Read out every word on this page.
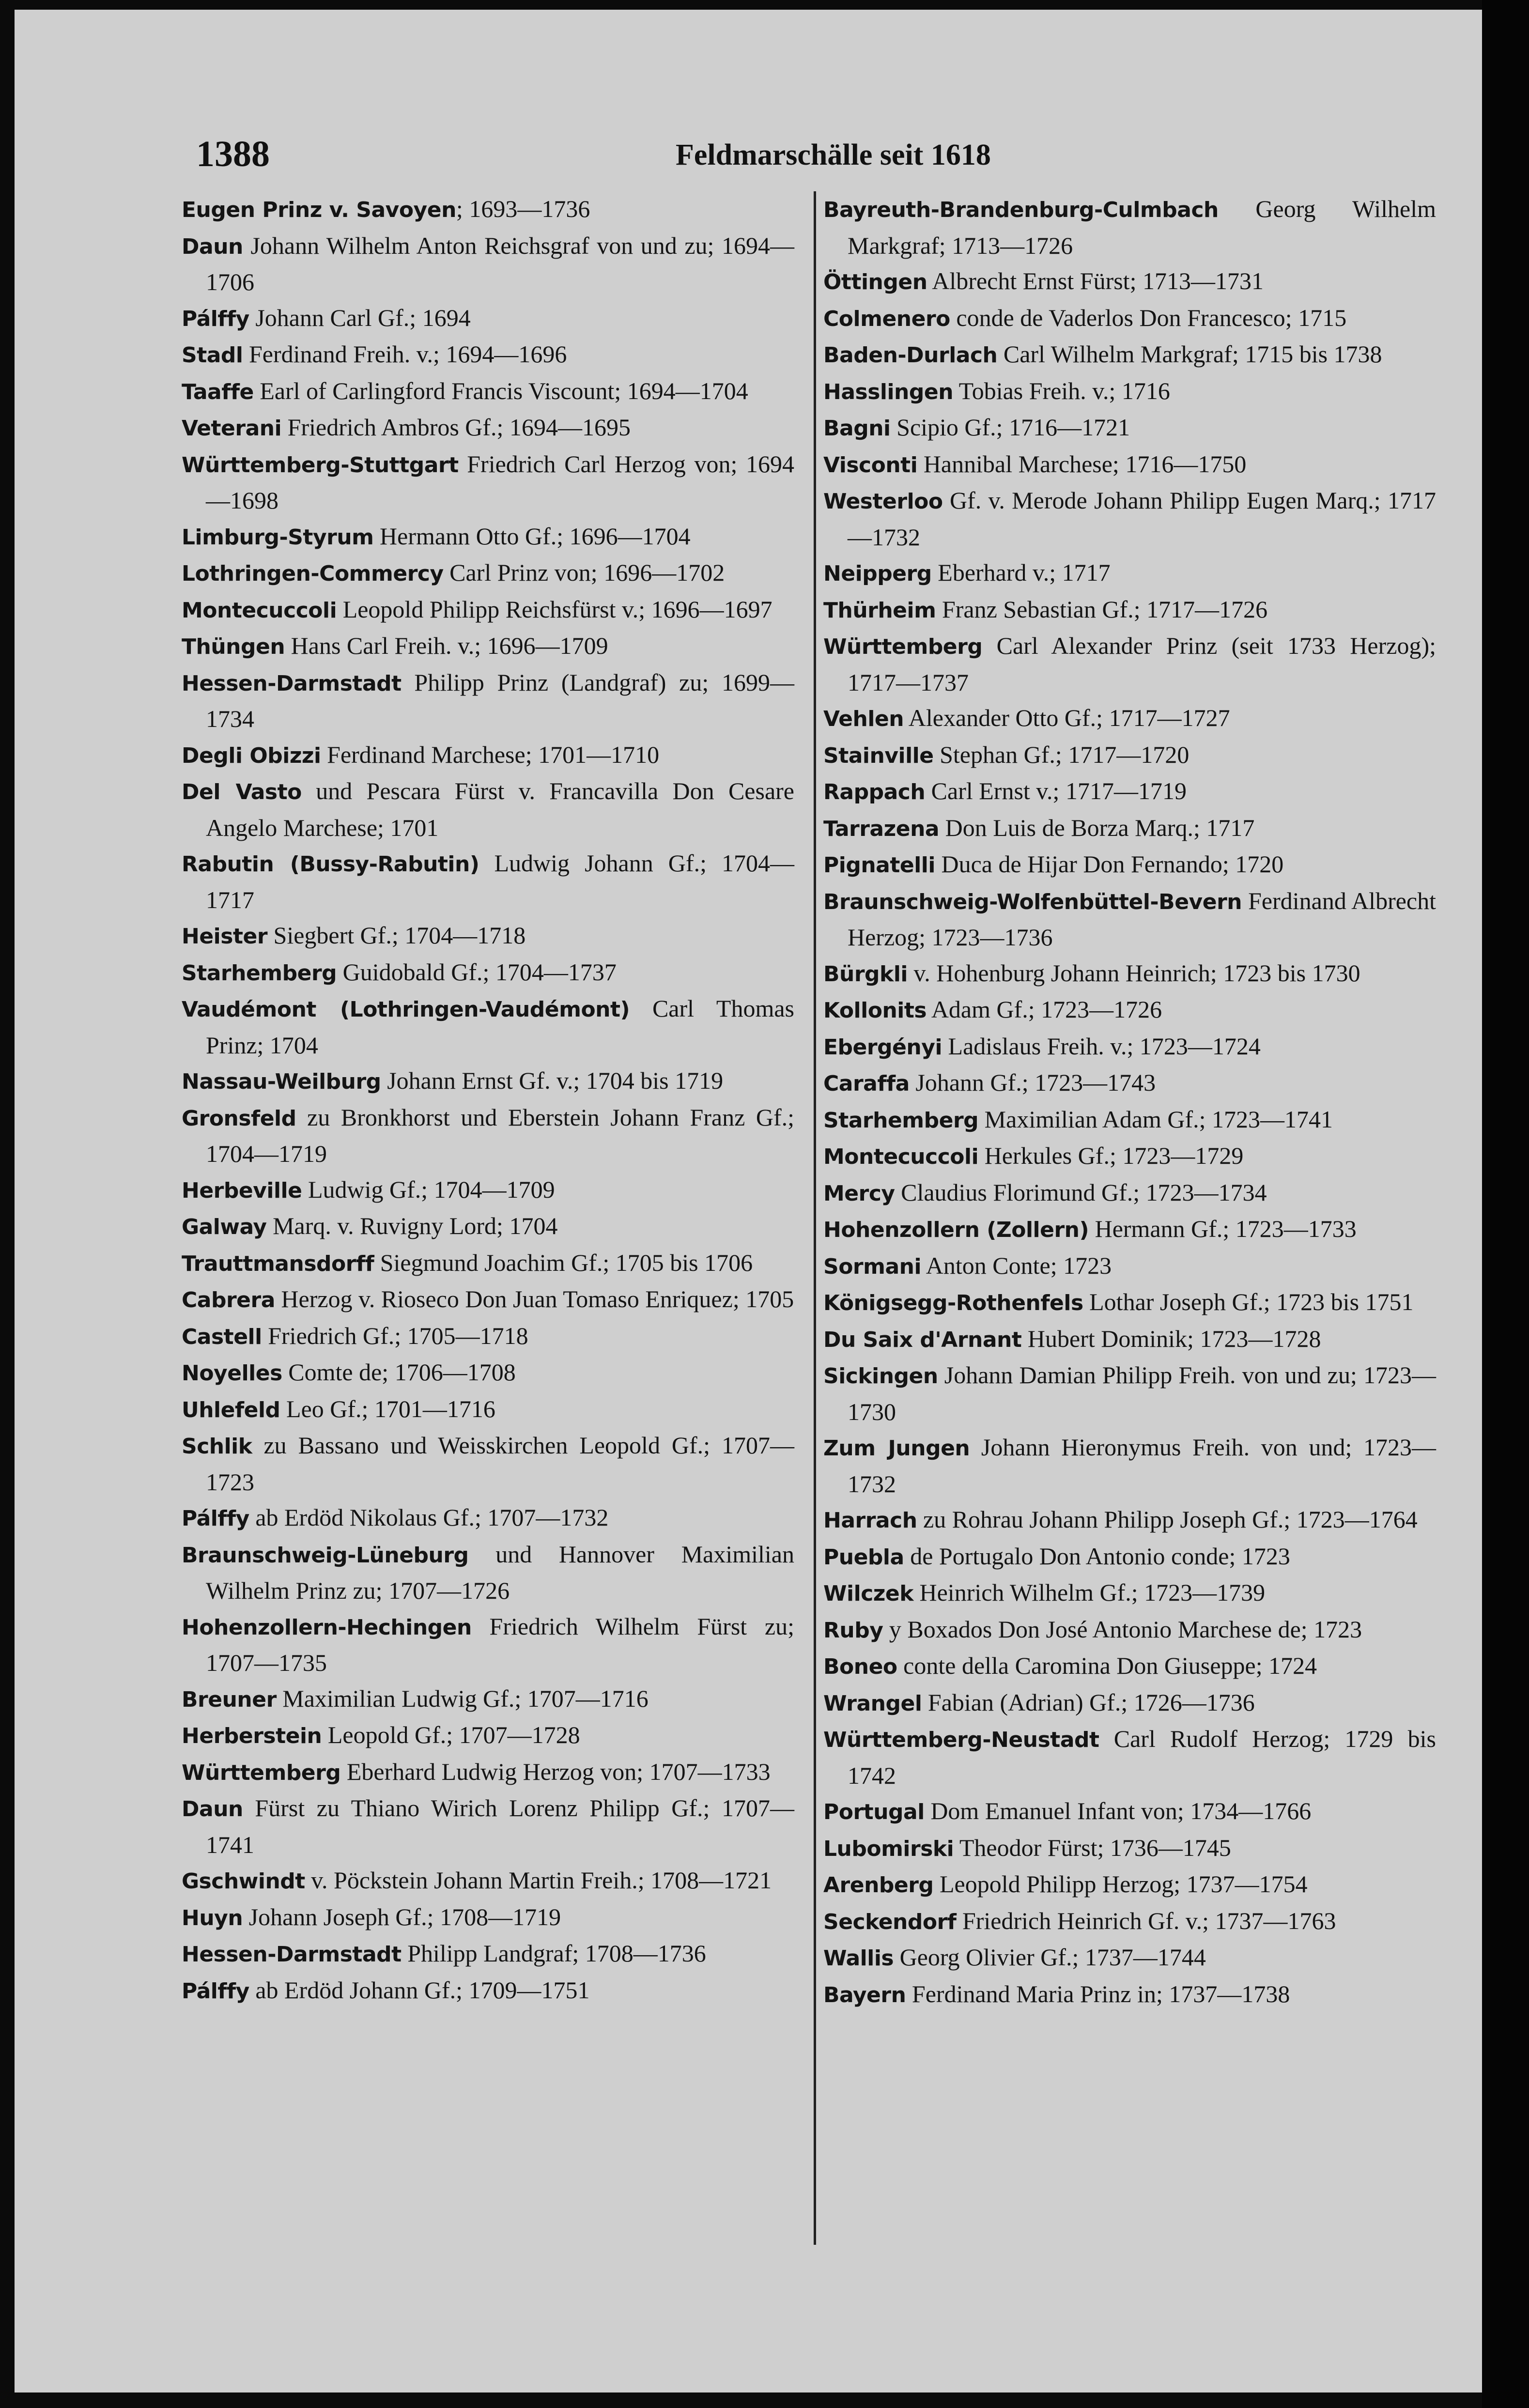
1388	Feldmarschälle seit 1618

Eugen Prinz v. Savoyen; 1693—1736

Daun Johann Wilhelm Anton Reichsgraf von und zu; 1694—1706

Pálffy Johann Carl Gf.; 1694

Stadl Ferdinand Freih. v.; 1694—1696

Taaffe Earl of Carlingford Francis Viscount; 1694—1704

Veterani Friedrich Ambros Gf.; 1694—1695

Württemberg-Stuttgart Friedrich Carl Herzog von; 1694—1698

Limburg-Styrum Hermann Otto Gf.; 1696—1704

Lothringen-Commercy Carl Prinz von; 1696—1702

Montecuccoli Leopold Philipp Reichsfürst v.; 1696—1697

Thüngen Hans Carl Freih. v.; 1696—1709

Hessen-Darmstadt Philipp Prinz (Landgraf) zu; 1699—1734

Degli Obizzi Ferdinand Marchese; 1701—1710

Del Vasto und Pescara Fürst v. Francavilla Don Cesare Angelo Marchese; 1701

Rabutin (Bussy-Rabutin) Ludwig Johann Gf.; 1704—1717

Heister Siegbert Gf.; 1704—1718

Starhemberg Guidobald Gf.; 1704—1737

Vaudémont (Lothringen-Vaudémont) Carl Thomas Prinz; 1704

Nassau-Weilburg Johann Ernst Gf. v.; 1704 bis 1719

Gronsfeld zu Bronkhorst und Eberstein Johann Franz Gf.; 1704—1719

Herbeville Ludwig Gf.; 1704—1709

Galway Marq. v. Ruvigny Lord; 1704

Trauttmansdorff Siegmund Joachim Gf.; 1705 bis 1706

Cabrera Herzog v. Rioseco Don Juan Tomaso Enriquez; 1705

Castell Friedrich Gf.; 1705—1718

Noyelles Comte de; 1706—1708

Uhlefeld Leo Gf.; 1701—1716

Schlik zu Bassano und Weisskirchen Leopold Gf.; 1707—1723

Pálffy ab Erdöd Nikolaus Gf.; 1707—1732

Braunschweig-Lüneburg und Hannover Maximilian Wilhelm Prinz zu; 1707—1726

Hohenzollern-Hechingen Friedrich Wilhelm Fürst zu; 1707—1735

Breuner Maximilian Ludwig Gf.; 1707—1716

Herberstein Leopold Gf.; 1707—1728

Württemberg Eberhard Ludwig Herzog von; 1707—1733

Daun Fürst zu Thiano Wirich Lorenz Philipp Gf.; 1707—1741

Gschwindt v. Pöckstein Johann Martin Freih.; 1708—1721

Huyn Johann Joseph Gf.; 1708—1719

Hessen-Darmstadt Philipp Landgraf; 1708—1736

Pálffy ab Erdöd Johann Gf.; 1709—1751

Bayreuth-Brandenburg-Culmbach Georg Wilhelm Markgraf; 1713—1726

Öttingen Albrecht Ernst Fürst; 1713—1731

Colmenero conde de Vaderlos Don Francesco; 1715

Baden-Durlach Carl Wilhelm Markgraf; 1715 bis 1738

Hasslingen Tobias Freih. v.; 1716

Bagni Scipio Gf.; 1716—1721

Visconti Hannibal Marchese; 1716—1750

Westerloo Gf. v. Merode Johann Philipp Eugen Marq.; 1717—1732

Neipperg Eberhard v.; 1717

Thürheim Franz Sebastian Gf.; 1717—1726

Württemberg Carl Alexander Prinz (seit 1733 Herzog); 1717—1737

Vehlen Alexander Otto Gf.; 1717—1727

Stainville Stephan Gf.; 1717—1720

Rappach Carl Ernst v.; 1717—1719

Tarrazena Don Luis de Borza Marq.; 1717

Pignatelli Duca de Hijar Don Fernando; 1720

Braunschweig-Wolfenbüttel-Bevern Ferdinand Albrecht Herzog; 1723—1736

Bürgkli v. Hohenburg Johann Heinrich; 1723 bis 1730

Kollonits Adam Gf.; 1723—1726

Ebergényi Ladislaus Freih. v.; 1723—1724

Caraffa Johann Gf.; 1723—1743

Starhemberg Maximilian Adam Gf.; 1723—1741

Montecuccoli Herkules Gf.; 1723—1729

Mercy Claudius Florimund Gf.; 1723—1734

Hohenzollern (Zollern) Hermann Gf.; 1723—1733

Sormani Anton Conte; 1723

Königsegg-Rothenfels Lothar Joseph Gf.; 1723 bis 1751

Du Saix d'Arnant Hubert Dominik; 1723—1728

Sickingen Johann Damian Philipp Freih. von und zu; 1723—1730

Zum Jungen Johann Hieronymus Freih. von und; 1723—1732

Harrach zu Rohrau Johann Philipp Joseph Gf.; 1723—1764

Puebla de Portugalo Don Antonio conde; 1723

Wilczek Heinrich Wilhelm Gf.; 1723—1739

Ruby y Boxados Don José Antonio Marchese de; 1723

Boneo conte della Caromina Don Giuseppe; 1724

Wrangel Fabian (Adrian) Gf.; 1726—1736

Württemberg-Neustadt Carl Rudolf Herzog; 1729 bis 1742

Portugal Dom Emanuel Infant von; 1734—1766

Lubomirski Theodor Fürst; 1736—1745

Arenberg Leopold Philipp Herzog; 1737—1754

Seckendorf Friedrich Heinrich Gf. v.; 1737—1763

Wallis Georg Olivier Gf.; 1737—1744

Bayern Ferdinand Maria Prinz in; 1737—1738
